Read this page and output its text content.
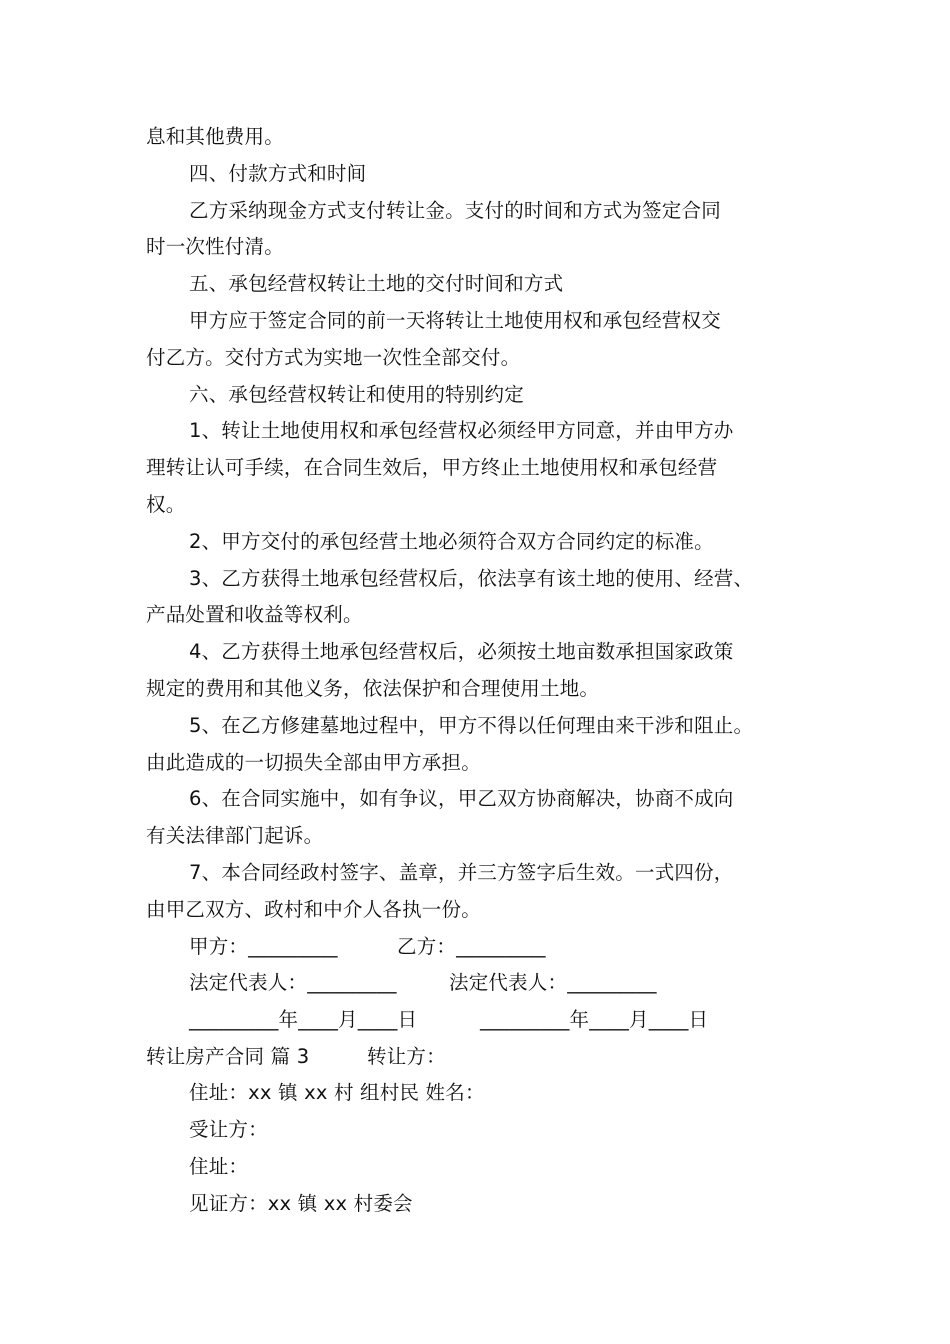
息和其他费用。
四、付款方式和时间
乙方采纳现金方式支付转让金。支付的时间和方式为签定合同
时一次性付清。
五、承包经营权转让土地的交付时间和方式
甲方应于签定合同的前一天将转让土地使用权和承包经营权交
付乙方。交付方式为实地一次性全部交付。
六、承包经营权转让和使用的特别约定
1、转让土地使用权和承包经营权必须经甲方同意，并由甲方办
理转让认可手续，在合同生效后，甲方终止土地使用权和承包经营
权。
2、甲方交付的承包经营土地必须符合双方合同约定的标准。
3、乙方获得土地承包经营权后，依法享有该土地的使用、经营、
产品处置和收益等权利。
4、乙方获得土地承包经营权后，必须按土地亩数承担国家政策
规定的费用和其他义务，依法保护和合理使用土地。
5、在乙方修建墓地过程中，甲方不得以任何理由来干涉和阻止。
由此造成的一切损失全部由甲方承担。
6、在合同实施中，如有争议，甲乙双方协商解决，协商不成向
有关法律部门起诉。
7、本合同经政村签字、盖章，并三方签字后生效。一式四份，
由甲乙双方、政村和中介人各执一份。
甲方：_________	乙方：_________
法定代表人：_________	法定代表人：_________
_________年____月____日	_________年____月____日
转让房产合同 篇 3	转让方：
住址：xx 镇 xx 村 组村民 姓名：
受让方：
住址：
见证方：xx 镇 xx 村委会
